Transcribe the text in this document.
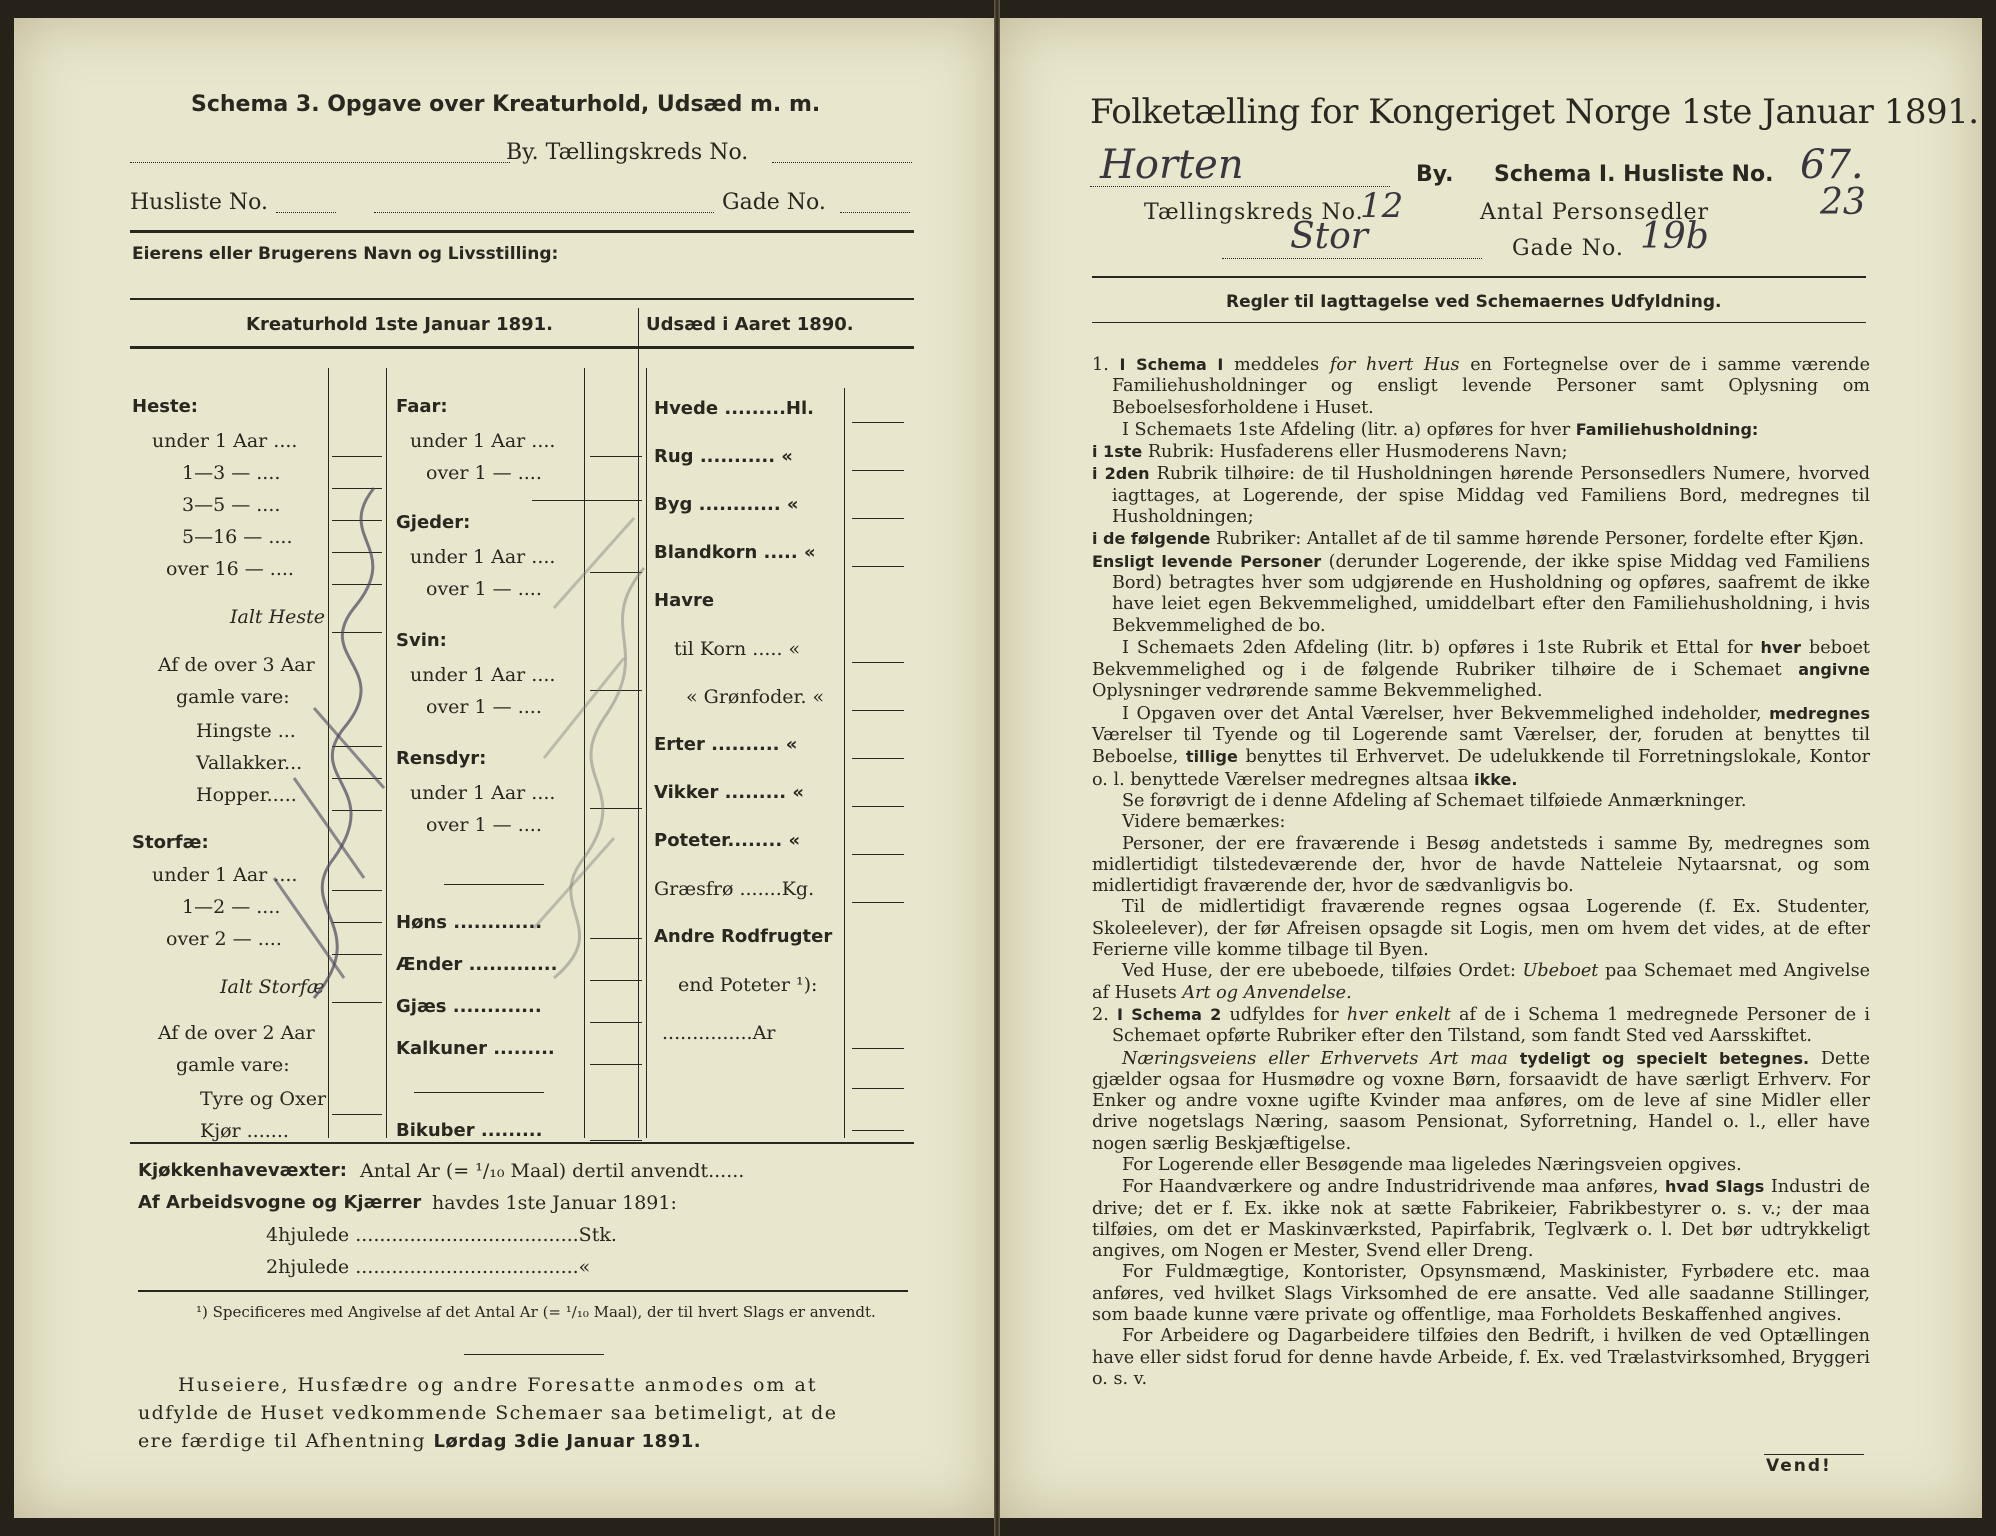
Schema 3. Opgave over Kreaturhold, Udsæd m. m.
By. Tællingskreds No.
Husliste No.	Gade No.
Eierens eller Brugerens Navn og Livsstilling:
Kreaturhold 1ste Januar 1891.	Udsæd i Aaret 1890.
Heste:
under 1 Aar ....
1—3 — ....
3—5 — ....
5—16 — ....
over 16 — ....
Ialt Heste
Af de over 3 Aar
gamle vare:
Hingste ...
Vallakker...
Hopper.....
Storfæ:
under 1 Aar ....
1—2 — ....
over 2 — ....
Ialt Storfæ
Af de over 2 Aar
gamle vare:
Tyre og Oxer
Kjør .......
Faar:
under 1 Aar ....
over 1 — ....
Gjeder:
under 1 Aar ....
over 1 — ....
Svin:
under 1 Aar ....
over 1 — ....
Rensdyr:
under 1 Aar ....
over 1 — ....
Høns .............
Ænder .............
Gjæs .............
Kalkuner .........
Bikuber .........
Hvede .........Hl.
Rug ........... «
Byg ............ «
Blandkorn ..... «
Havre
til Korn ..... «
« Grønfoder. «
Erter .......... «
Vikker ......... «
Poteter........ «
Græsfrø .......Kg.
Andre Rodfrugter
end Poteter ¹):
...............Ar
Kjøkkenhavevæxter: Antal Ar (= ¹/₁₀ Maal) dertil anvendt......
Af Arbeidsvogne og Kjærrer havdes 1ste Januar 1891:
4hjulede .....................................Stk.
2hjulede .....................................«
¹) Specificeres med Angivelse af det Antal Ar (= ¹/₁₀ Maal), der til hvert Slags er anvendt.
Huseiere, Husfædre og andre Foresatte anmodes om at
udfylde de Huset vedkommende Schemaer saa betimeligt, at de
ere færdige til Afhentning Lørdag 3die Januar 1891.
Folketælling for Kongeriget Norge 1ste Januar 1891.
Horten	By. Schema I. Husliste No. 67.
Tællingskreds No.
12	Antal Personsedler	23
Stor	Gade No. 19b
Regler til Iagttagelse ved Schemaernes Udfyldning.

1. I Schema I meddeles for hvert Hus en Fortegnelse over de i samme værende Familiehusholdninger og ensligt levende Personer samt Oplysning om Beboelsesforholdene i Huset.

I Schemaets 1ste Afdeling (litr. a) opføres for hver Familiehusholdning:

i 1ste Rubrik: Husfaderens eller Husmoderens Navn;

i 2den Rubrik tilhøire: de til Husholdningen hørende Personsedlers Numere, hvorved iagttages, at Logerende, der spise Middag ved Familiens Bord, medregnes til Husholdningen;

i de følgende Rubriker: Antallet af de til samme hørende Personer, fordelte efter Kjøn.

Ensligt levende Personer (derunder Logerende, der ikke spise Middag ved Familiens Bord) betragtes hver som udgjørende en Husholdning og opføres, saafremt de ikke have leiet egen Bekvemmelighed, umiddelbart efter den Familiehusholdning, i hvis Bekvemmelighed de bo.

I Schemaets 2den Afdeling (litr. b) opføres i 1ste Rubrik et Ettal for hver beboet Bekvemmelighed og i de følgende Rubriker tilhøire de i Schemaet angivne Oplysninger vedrørende samme Bekvemmelighed.

I Opgaven over det Antal Værelser, hver Bekvemmelighed indeholder, medregnes Værelser til Tyende og til Logerende samt Værelser, der, foruden at benyttes til Beboelse, tillige benyttes til Erhvervet. De udelukkende til Forretningslokale, Kontor o. l. benyttede Værelser medregnes altsaa ikke.

Se forøvrigt de i denne Afdeling af Schemaet tilføiede Anmærkninger.

Videre bemærkes:

Personer, der ere fraværende i Besøg andetsteds i samme By, medregnes som midlertidigt tilstedeværende der, hvor de havde Natteleie Nytaarsnat, og som midlertidigt fraværende der, hvor de sædvanligvis bo.

Til de midlertidigt fraværende regnes ogsaa Logerende (f. Ex. Studenter, Skoleelever), der før Afreisen opsagde sit Logis, men om hvem det vides, at de efter Ferierne ville komme tilbage til Byen.

Ved Huse, der ere ubeboede, tilføies Ordet: Ubeboet paa Schemaet med Angivelse af Husets Art og Anvendelse.

2. I Schema 2 udfyldes for hver enkelt af de i Schema 1 medregnede Personer de i Schemaet opførte Rubriker efter den Tilstand, som fandt Sted ved Aarsskiftet.

Næringsveiens eller Erhvervets Art maa tydeligt og specielt betegnes. Dette gjælder ogsaa for Husmødre og voxne Børn, forsaavidt de have særligt Erhverv. For Enker og andre voxne ugifte Kvinder maa anføres, om de leve af sine Midler eller drive nogetslags Næring, saasom Pensionat, Syforretning, Handel o. l., eller have nogen særlig Beskjæftigelse.

For Logerende eller Besøgende maa ligeledes Næringsveien opgives.

For Haandværkere og andre Industridrivende maa anføres, hvad Slags Industri de drive; det er f. Ex. ikke nok at sætte Fabrikeier, Fabrikbestyrer o. s. v.; der maa tilføies, om det er Maskinværksted, Papirfabrik, Teglværk o. l. Det bør udtrykkeligt angives, om Nogen er Mester, Svend eller Dreng.

For Fuldmægtige, Kontorister, Opsynsmænd, Maskinister, Fyrbødere etc. maa anføres, ved hvilket Slags Virksomhed de ere ansatte. Ved alle saadanne Stillinger, som baade kunne være private og offentlige, maa Forholdets Beskaffenhed angives.

For Arbeidere og Dagarbeidere tilføies den Bedrift, i hvilken de ved Optællingen have eller sidst forud for denne havde Arbeide, f. Ex. ved Trælastvirksomhed, Bryggeri o. s. v.

Vend!
